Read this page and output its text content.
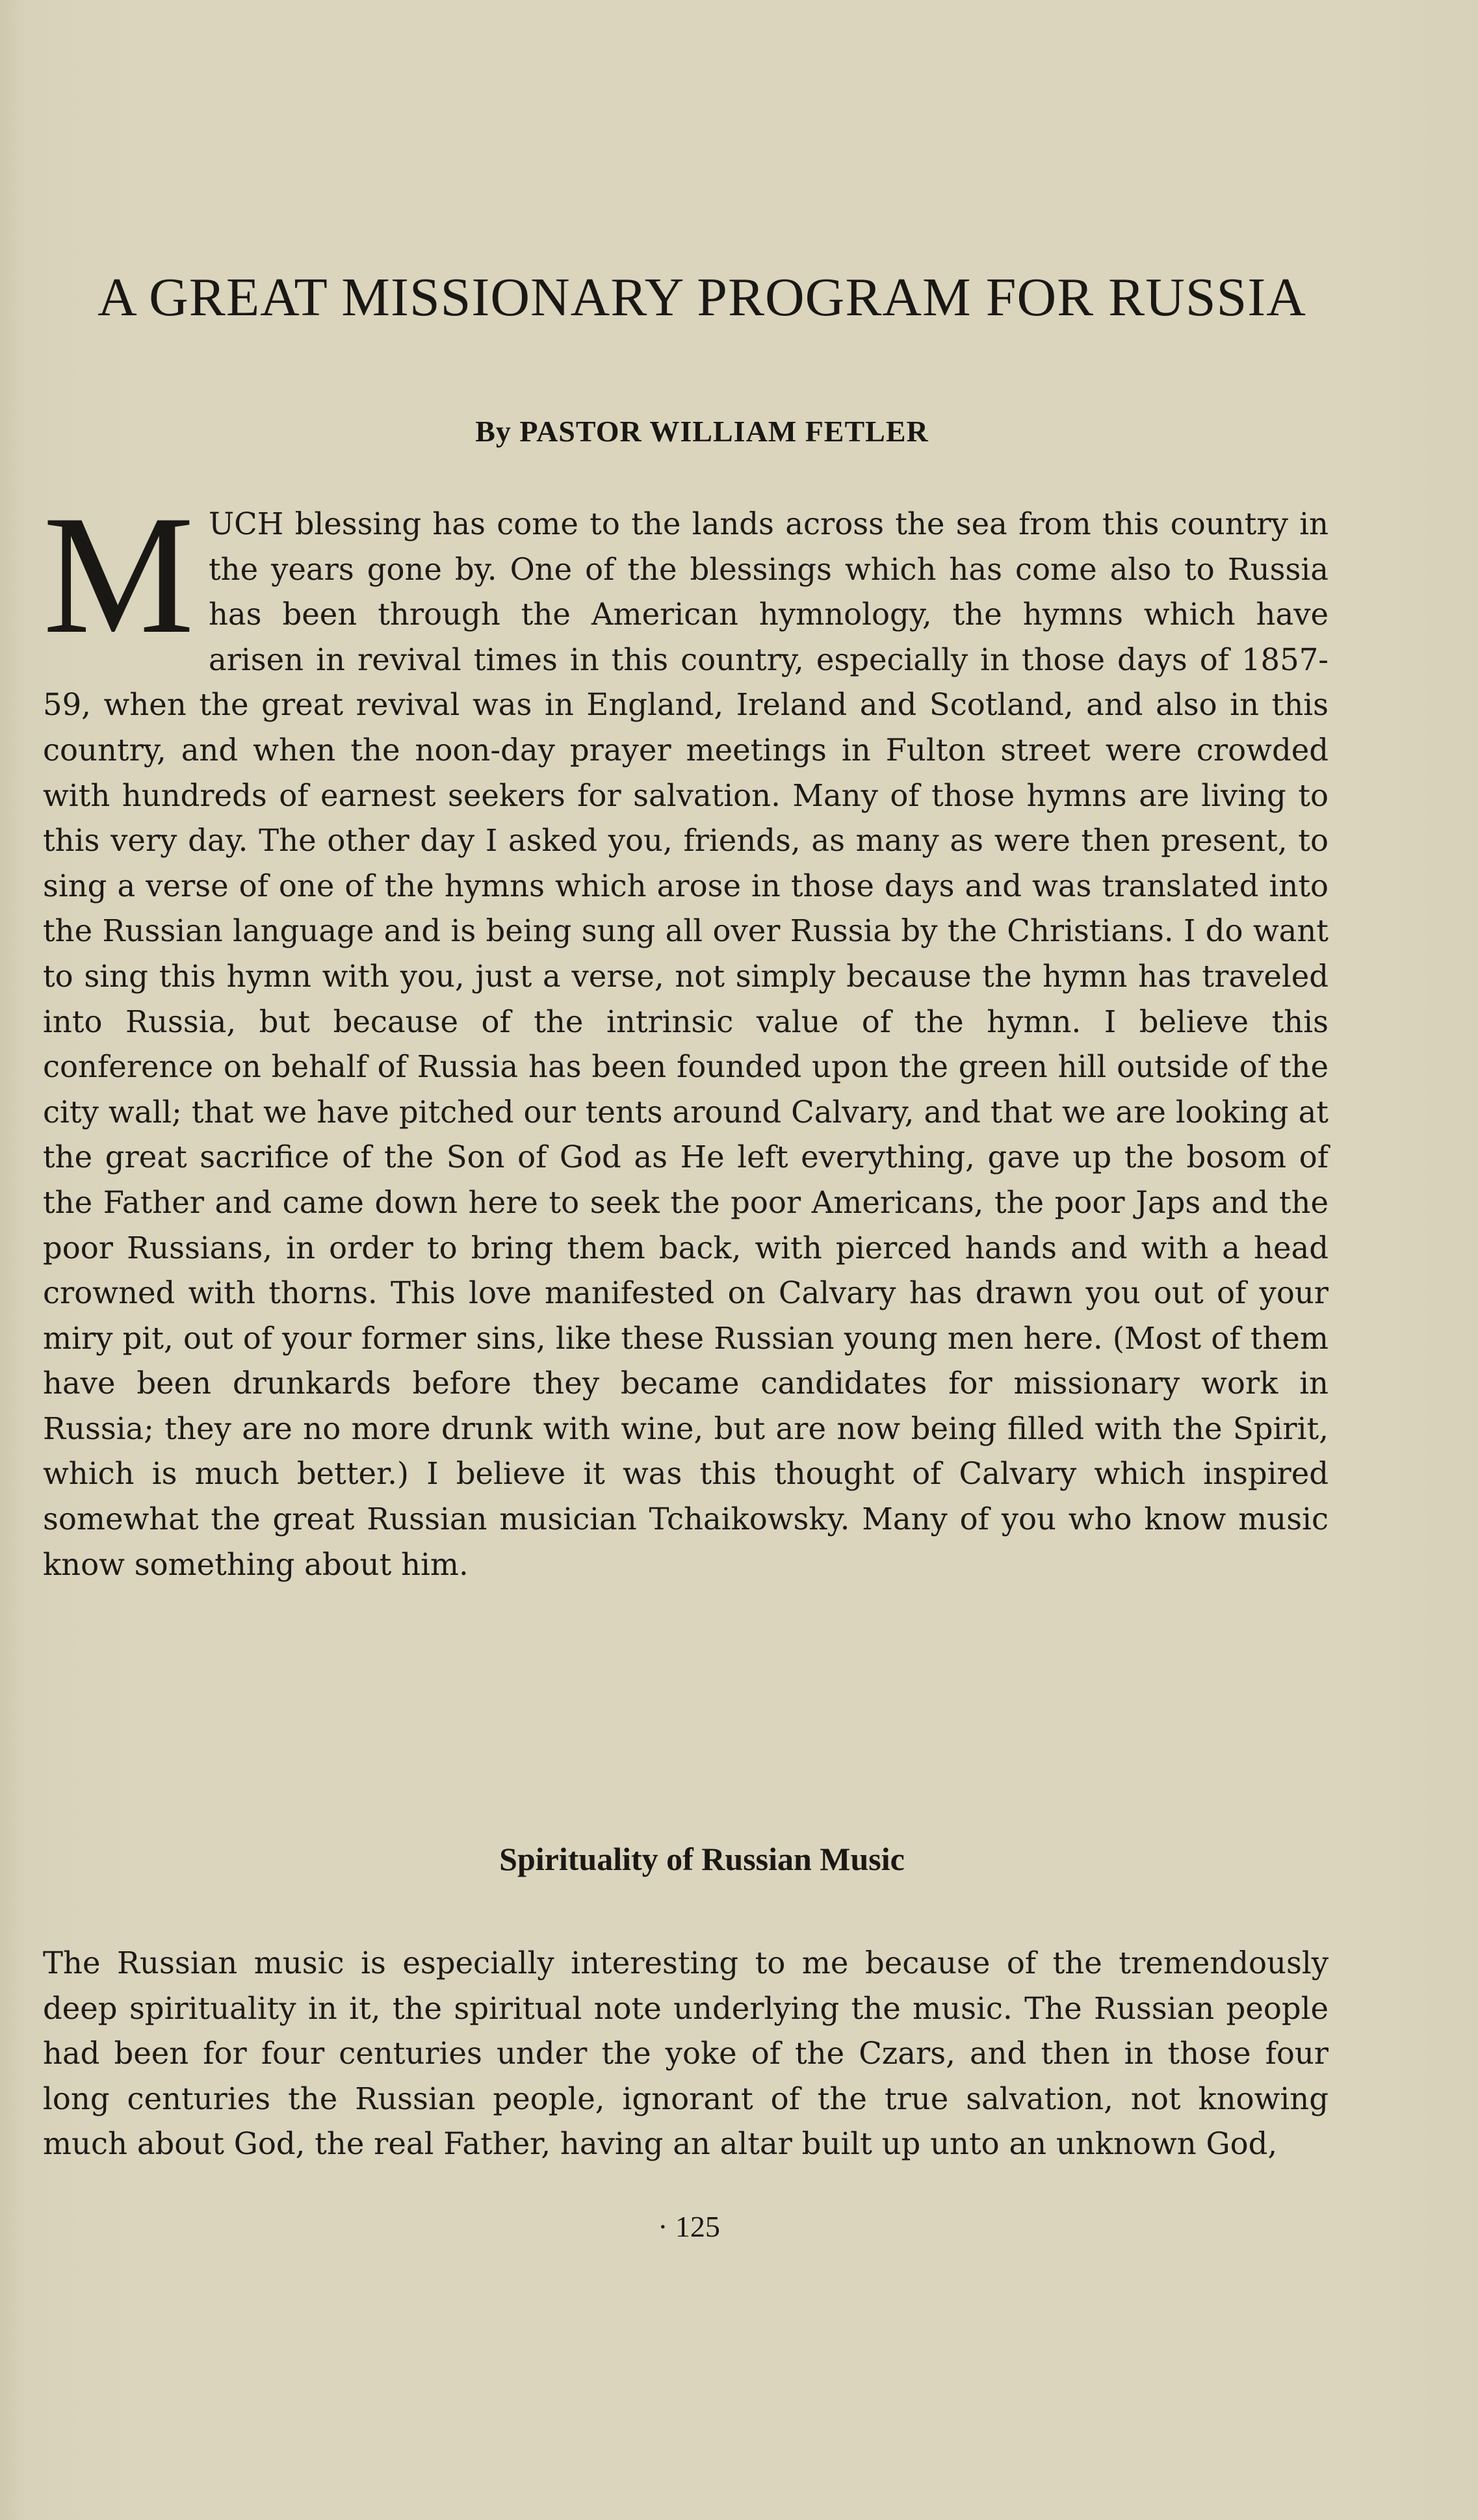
A GREAT MISSIONARY PROGRAM FOR RUSSIA
By PASTOR WILLIAM FETLER

MUCH blessing has come to the lands across the sea from this country in the years gone by. One of the blessings which has come also to Russia has been through the American hymnology, the hymns which have arisen in revival times in this country, especially in those days of 1857-59, when the great revival was in England, Ireland and Scotland, and also in this country, and when the noon-day prayer meetings in Fulton street were crowded with hundreds of earnest seekers for salvation. Many of those hymns are living to this very day. The other day I asked you, friends, as many as were then present, to sing a verse of one of the hymns which arose in those days and was translated into the Russian language and is being sung all over Russia by the Christians. I do want to sing this hymn with you, just a verse, not simply because the hymn has traveled into Russia, but because of the intrinsic value of the hymn. I believe this conference on behalf of Russia has been founded upon the green hill outside of the city wall; that we have pitched our tents around Calvary, and that we are looking at the great sacrifice of the Son of God as He left everything, gave up the bosom of the Father and came down here to seek the poor Americans, the poor Japs and the poor Russians, in order to bring them back, with pierced hands and with a head crowned with thorns. This love manifested on Calvary has drawn you out of your miry pit, out of your former sins, like these Russian young men here. (Most of them have been drunkards before they became candidates for missionary work in Russia; they are no more drunk with wine, but are now being filled with the Spirit, which is much better.) I believe it was this thought of Calvary which inspired somewhat the great Russian musician Tchaikowsky. Many of you who know music know something about him.

Spirituality of Russian Music

The Russian music is especially interesting to me because of the tremendously deep spirituality in it, the spiritual note underlying the music. The Russian people had been for four centuries under the yoke of the Czars, and then in those four long centuries the Russian people, ignorant of the true salvation, not knowing much about God, the real Father, having an altar built up unto an unknown God,

· 125
